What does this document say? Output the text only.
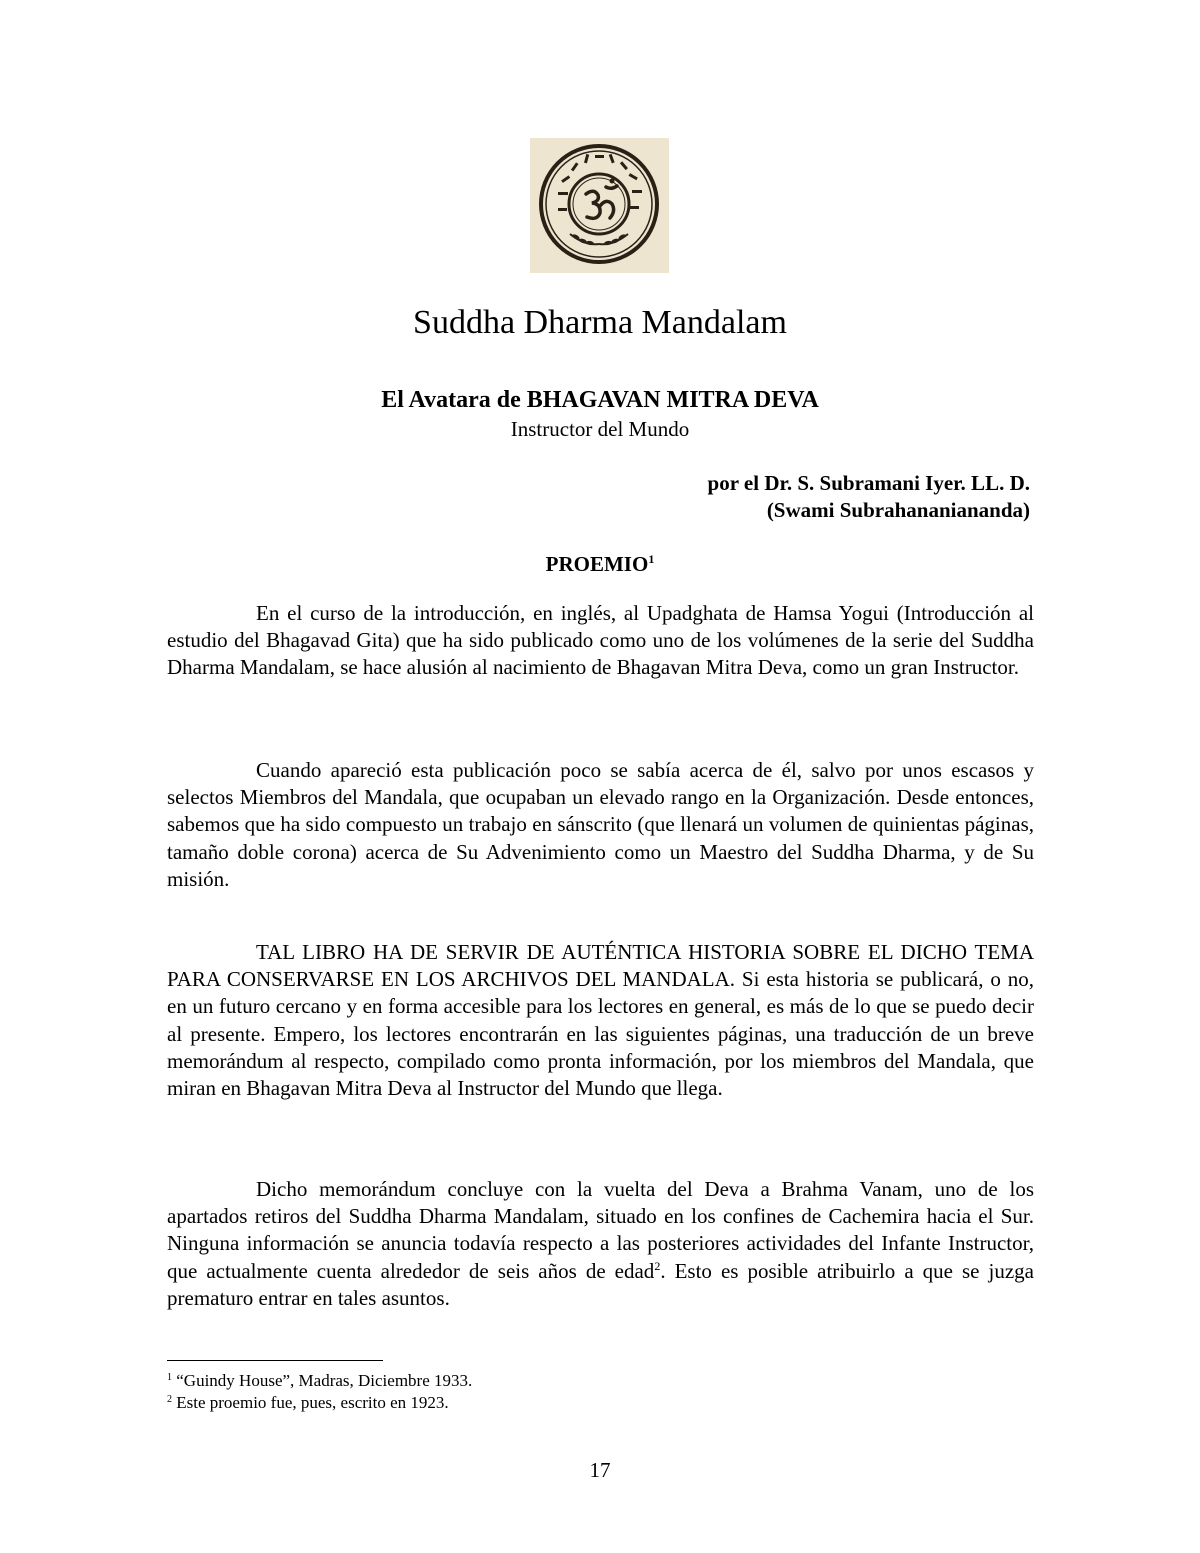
Suddha Dharma Mandalam
El Avatara de BHAGAVAN MITRA DEVA

Instructor del Mundo

por el Dr. S. Subramani Iyer. LL. D.
(Swami Subrahananiananda)

PROEMIO$^1$

En el curso de la introducción, en inglés, al Upadghata de Hamsa Yogui (Introducción al estudio del Bhagavad Gita) que ha sido publicado como uno de los volúmenes de la serie del Suddha Dharma Mandalam, se hace alusión al nacimiento de Bhagavan Mitra Deva, como un gran Instructor.

Cuando apareció esta publicación poco se sabía acerca de él, salvo por unos escasos y selectos Miembros del Mandala, que ocupaban un elevado rango en la Organización. Desde entonces, sabemos que ha sido compuesto un trabajo en sánscrito (que llenará un volumen de quinientas páginas, tamaño doble corona) acerca de Su Advenimiento como un Maestro del Suddha Dharma, y de Su misión.

TAL LIBRO HA DE SERVIR DE AUTÉNTICA HISTORIA SOBRE EL DICHO TEMA PARA CONSERVARSE EN LOS ARCHIVOS DEL MANDALA. Si esta historia se publicará, o no, en un futuro cercano y en forma accesible para los lectores en general, es más de lo que se puedo decir al presente. Empero, los lectores encontrarán en las siguientes páginas, una traducción de un breve memorándum al respecto, compilado como pronta información, por los miembros del Mandala, que miran en Bhagavan Mitra Deva al Instructor del Mundo que llega.

Dicho memorándum concluye con la vuelta del Deva a Brahma Vanam, uno de los apartados retiros del Suddha Dharma Mandalam, situado en los confines de Cachemira hacia el Sur. Ninguna información se anuncia todavía respecto a las posteriores actividades del Infante Instructor, que actualmente cuenta alrededor de seis años de edad$^2$. Esto es posible atribuirlo a que se juzga prematuro entrar en tales asuntos.

$^1$ “Guindy House”, Madras, Diciembre 1933.

$^2$ Este proemio fue, pues, escrito en 1923.

17
